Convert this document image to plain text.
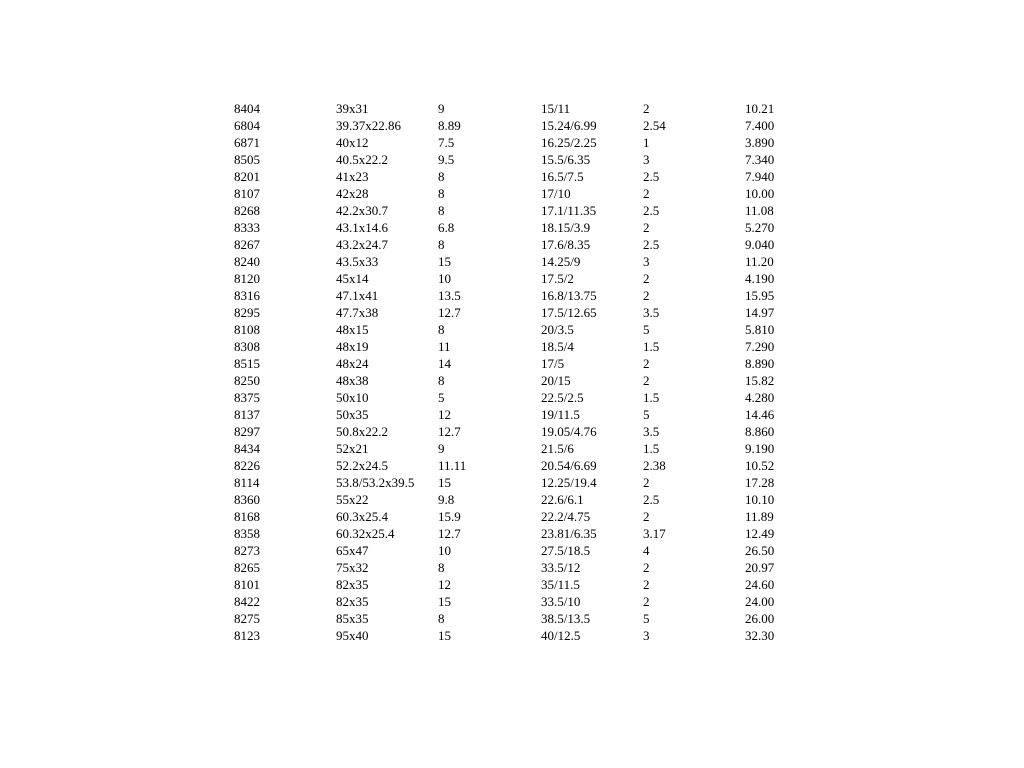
8404	39x31	9	15/11	2	10.21
6804	39.37x22.86	8.89	15.24/6.99	2.54	7.400
6871	40x12	7.5	16.25/2.25	1	3.890
8505	40.5x22.2	9.5	15.5/6.35	3	7.340
8201	41x23	8	16.5/7.5	2.5	7.940
8107	42x28	8	17/10	2	10.00
8268	42.2x30.7	8	17.1/11.35	2.5	11.08
8333	43.1x14.6	6.8	18.15/3.9	2	5.270
8267	43.2x24.7	8	17.6/8.35	2.5	9.040
8240	43.5x33	15	14.25/9	3	11.20
8120	45x14	10	17.5/2	2	4.190
8316	47.1x41	13.5	16.8/13.75	2	15.95
8295	47.7x38	12.7	17.5/12.65	3.5	14.97
8108	48x15	8	20/3.5	5	5.810
8308	48x19	11	18.5/4	1.5	7.290
8515	48x24	14	17/5	2	8.890
8250	48x38	8	20/15	2	15.82
8375	50x10	5	22.5/2.5	1.5	4.280
8137	50x35	12	19/11.5	5	14.46
8297	50.8x22.2	12.7	19.05/4.76	3.5	8.860
8434	52x21	9	21.5/6	1.5	9.190
8226	52.2x24.5	11.11	20.54/6.69	2.38	10.52
8114	53.8/53.2x39.5	15	12.25/19.4	2	17.28
8360	55x22	9.8	22.6/6.1	2.5	10.10
8168	60.3x25.4	15.9	22.2/4.75	2	11.89
8358	60.32x25.4	12.7	23.81/6.35	3.17	12.49
8273	65x47	10	27.5/18.5	4	26.50
8265	75x32	8	33.5/12	2	20.97
8101	82x35	12	35/11.5	2	24.60
8422	82x35	15	33.5/10	2	24.00
8275	85x35	8	38.5/13.5	5	26.00
8123	95x40	15	40/12.5	3	32.30
